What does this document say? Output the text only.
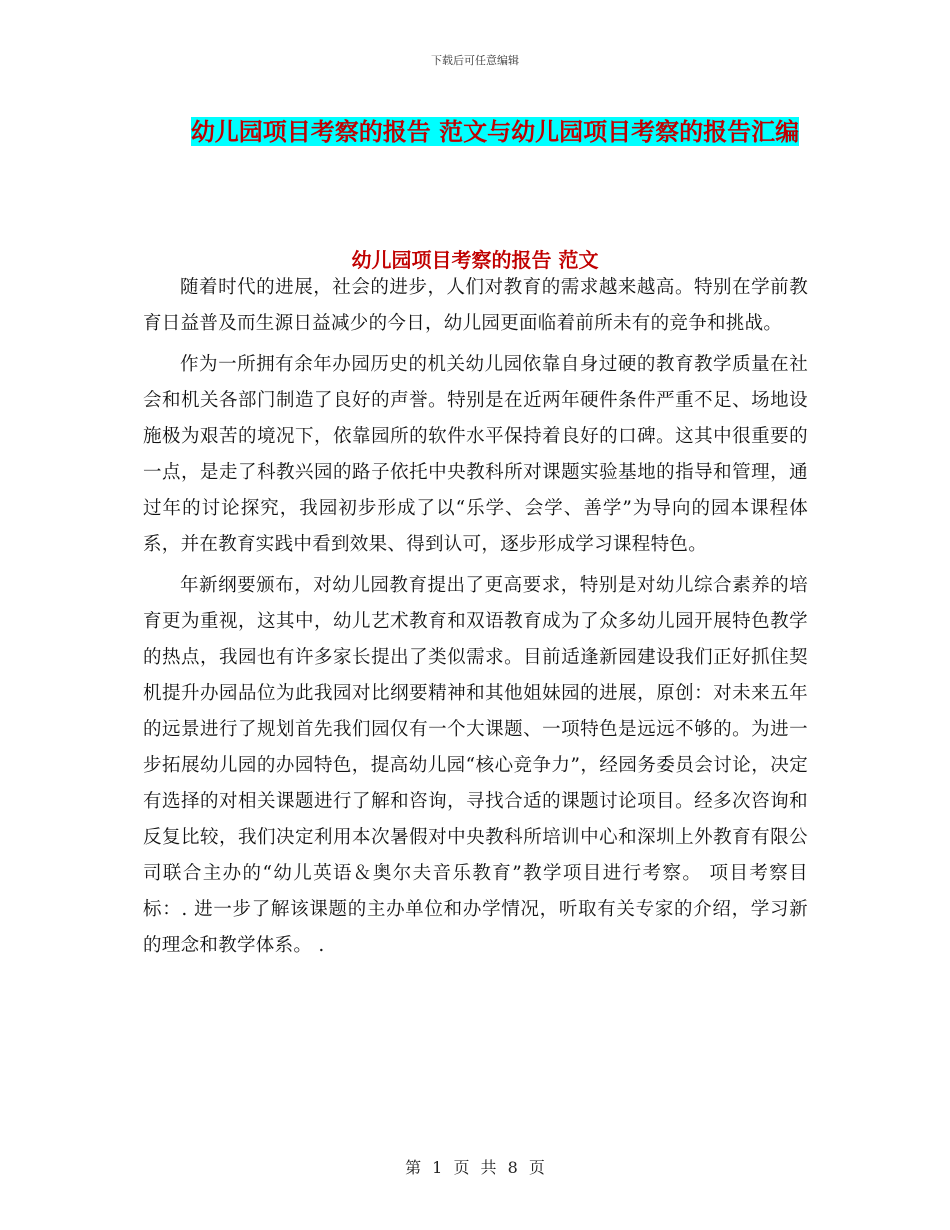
下载后可任意编辑
幼儿园项目考察的报告 范文与幼儿园项目考察的报告汇编
幼儿园项目考察的报告 范文

随着时代的进展，社会的进步，人们对教育的需求越来越高。特别在学前教育日益普及而生源日益减少的今日，幼儿园更面临着前所未有的竞争和挑战。

作为一所拥有余年办园历史的机关幼儿园依靠自身过硬的教育教学质量在社会和机关各部门制造了良好的声誉。特别是在近两年硬件条件严重不足、场地设施极为艰苦的境况下，依靠园所的软件水平保持着良好的口碑。这其中很重要的一点，是走了科教兴园的路子依托中央教科所对课题实验基地的指导和管理，通过年的讨论探究，我园初步形成了以“乐学、会学、善学”为导向的园本课程体系，并在教育实践中看到效果、得到认可，逐步形成学习课程特色。

年新纲要颁布，对幼儿园教育提出了更高要求，特别是对幼儿综合素养的培育更为重视，这其中，幼儿艺术教育和双语教育成为了众多幼儿园开展特色教学的热点，我园也有许多家长提出了类似需求。目前适逢新园建设我们正好抓住契机提升办园品位为此我园对比纲要精神和其他姐妹园的进展，原创：对未来五年的远景进行了规划首先我们园仅有一个大课题、一项特色是远远不够的。为进一步拓展幼儿园的办园特色，提高幼儿园“核心竞争力”，经园务委员会讨论，决定有选择的对相关课题进行了解和咨询，寻找合适的课题讨论项目。经多次咨询和反复比较，我们决定利用本次暑假对中央教科所培训中心和深圳上外教育有限公司联合主办的“幼儿英语＆奥尔夫音乐教育”教学项目进行考察。 项目考察目标：. 进一步了解该课题的主办单位和办学情况，听取有关专家的介绍，学习新的理念和教学体系。 .

第 1 页 共 8 页
